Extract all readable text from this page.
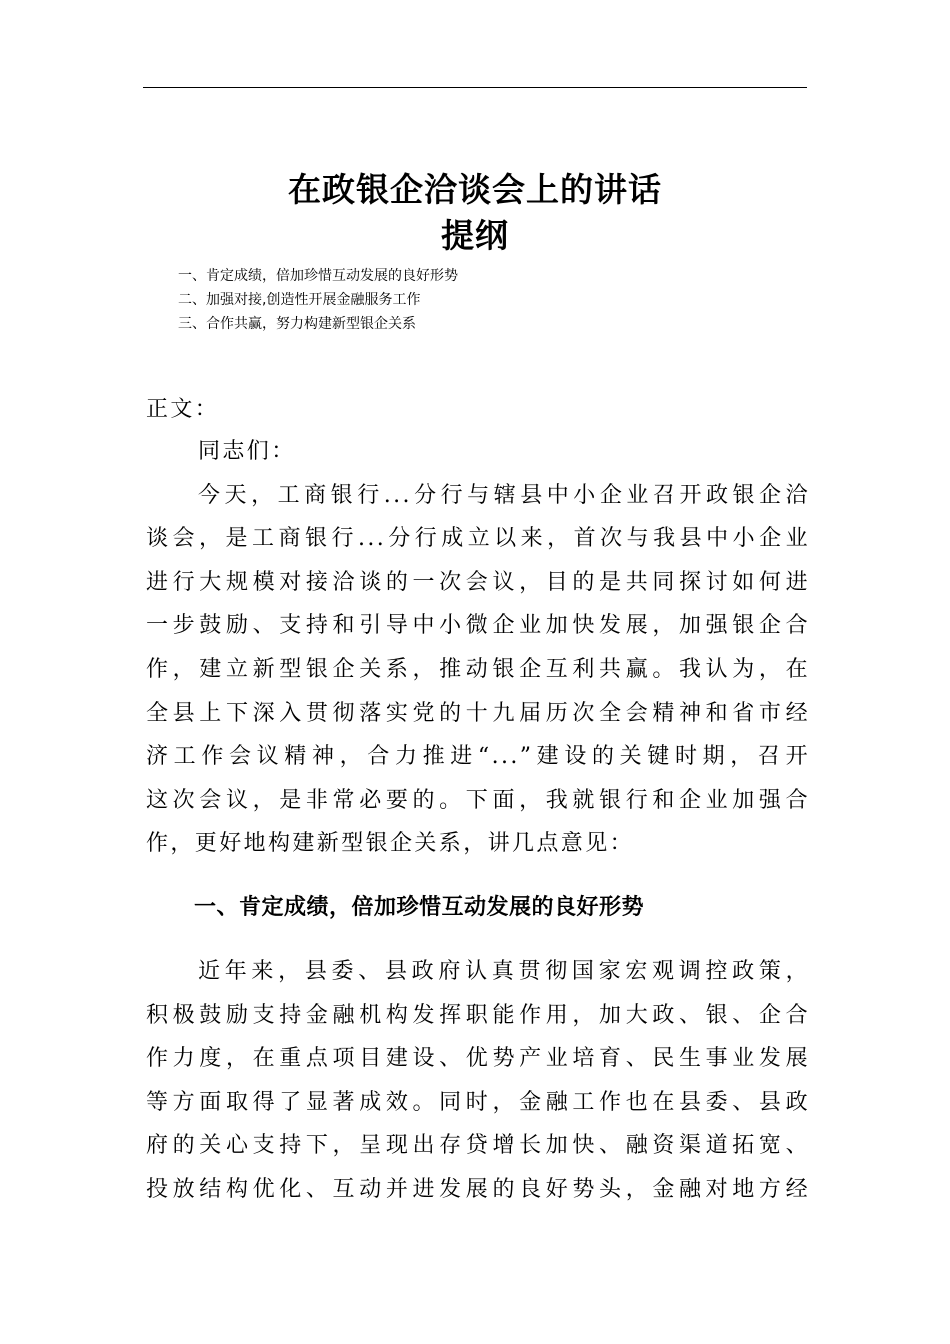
在政银企洽谈会上的讲话
提纲
一、肯定成绩，倍加珍惜互动发展的良好形势
二、加强对接,创造性开展金融服务工作
三、合作共赢，努力构建新型银企关系
正文：
同志们：
今天，工商银行...分行与辖县中小企业召开政银企洽
谈会，是工商银行...分行成立以来，首次与我县中小企业
进行大规模对接洽谈的一次会议，目的是共同探讨如何进
一步鼓励、支持和引导中小微企业加快发展，加强银企合
作，建立新型银企关系，推动银企互利共赢。我认为，在
全县上下深入贯彻落实党的十九届历次全会精神和省市经
济工作会议精神，合力推进“...”建设的关键时期，召开
这次会议，是非常必要的。下面，我就银行和企业加强合
作，更好地构建新型银企关系，讲几点意见：
一、肯定成绩，倍加珍惜互动发展的良好形势
近年来，县委、县政府认真贯彻国家宏观调控政策，
积极鼓励支持金融机构发挥职能作用，加大政、银、企合
作力度，在重点项目建设、优势产业培育、民生事业发展
等方面取得了显著成效。同时，金融工作也在县委、县政
府的关心支持下，呈现出存贷增长加快、融资渠道拓宽、
投放结构优化、互动并进发展的良好势头，金融对地方经
